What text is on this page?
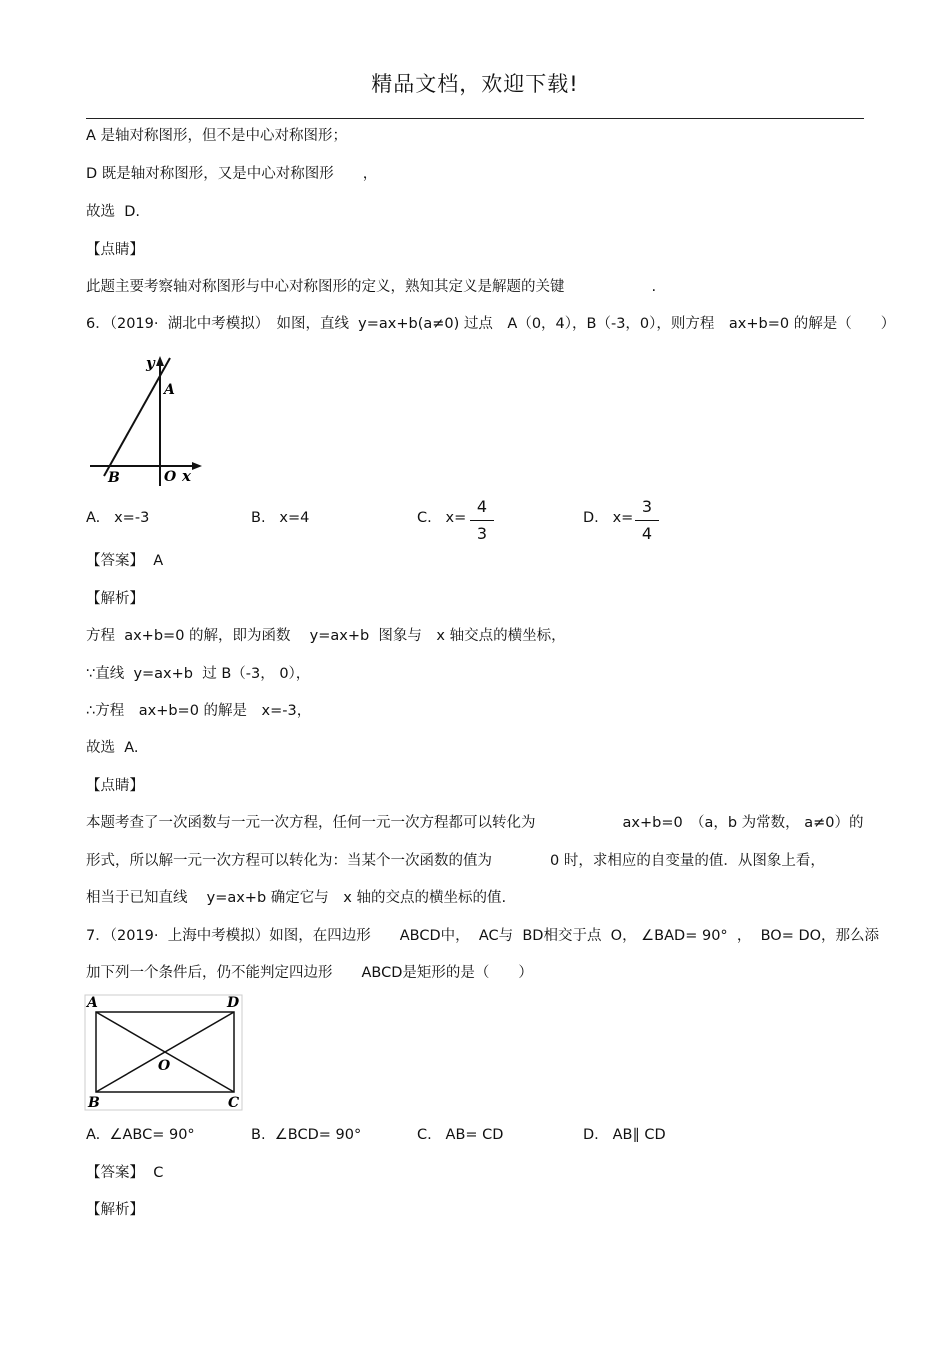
精品文档，欢迎下载!
A 是轴对称图形，但不是中心对称图形；
D 既是轴对称图形，又是中心对称图形　　，
故选  D.
【点睛】
此题主要考察轴对称图形与中心对称图形的定义，熟知其定义是解题的关键　　　　　　.
6．（2019·  湖北中考模拟）　如图，直线  y=ax+b(a≠0) 过点　A（0，4），B（-3，0），则方程　ax+b=0 的解是（　　）
y
A
B	O x
A.   x=-3	B.   x=4	C.   x=
4
3
D.   x=
3
4
【答案】  A
【解析】
方程  ax+b=0 的解，即为函数　 y=ax+b  图象与　x 轴交点的横坐标，
∵直线  y=ax+b  过 B（-3， 0），
∴方程　ax+b=0 的解是　x=-3，
故选  A.
【点睛】
本题考查了一次函数与一元一次方程，任何一元一次方程都可以转化为　　　　　　ax+b=0　（a，b 为常数， a≠0）的
形式，所以解一元一次方程可以转化为：当某个一次函数的值为　　　　0 时，求相应的自变量的值．从图象上看，
相当于已知直线　 y=ax+b 确定它与　x 轴的交点的横坐标的值.
7．（2019·  上海中考模拟）如图，在四边形　　ABCD中，  AC与  BD相交于点  O， ∠BAD= 90°  ，  BO= DO，那么添
加下列一个条件后，仍不能判定四边形　　ABCD是矩形的是（　　）
A	D
O
B	C
A.  ∠ABC= 90°	B.  ∠BCD= 90°	C.   AB= CD	D.   AB∥ CD
【答案】  C
【解析】
